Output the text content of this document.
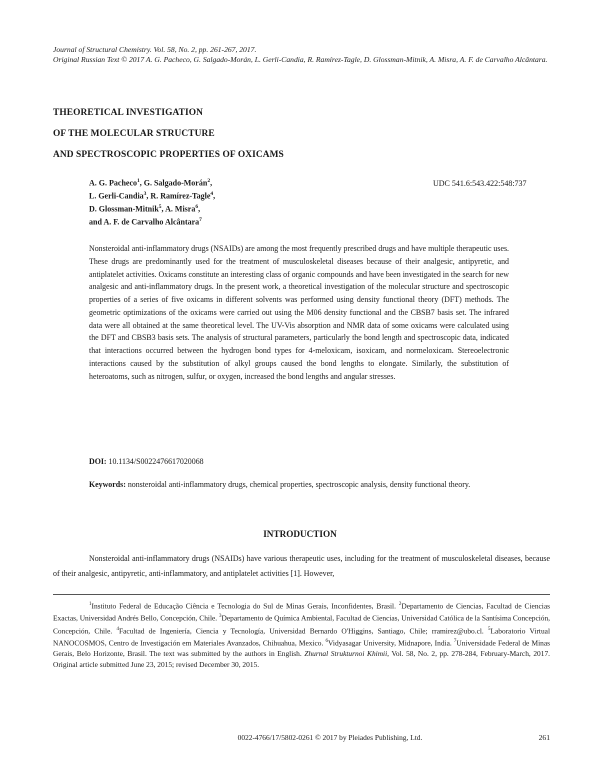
Journal of Structural Chemistry. Vol. 58, No. 2, pp. 261-267, 2017.
Original Russian Text © 2017 A. G. Pacheco, G. Salgado-Morán, L. Gerli-Candia, R. Ramírez-Tagle, D. Glossman-Mitnik, A. Misra, A. F. de Carvalho Alcântara.
THEORETICAL INVESTIGATION
OF THE MOLECULAR STRUCTURE
AND SPECTROSCOPIC PROPERTIES OF OXICAMS
A. G. Pacheco$^1$, G. Salgado-Morán$^2$,
L. Gerli-Candia$^3$, R. Ramírez-Tagle$^4$,
D. Glossman-Mitnik$^5$, A. Misra$^6$,
and A. F. de Carvalho Alcântara$^7$
UDC 541.6:543.422:548:737
Nonsteroidal anti-inflammatory drugs (NSAIDs) are among the most frequently prescribed drugs and have multiple therapeutic uses. These drugs are predominantly used for the treatment of musculoskeletal diseases because of their analgesic, antipyretic, and antiplatelet activities. Oxicams constitute an interesting class of organic compounds and have been investigated in the search for new analgesic and anti-inflammatory drugs. In the present work, a theoretical investigation of the molecular structure and spectroscopic properties of a series of five oxicams in different solvents was performed using density functional theory (DFT) methods. The geometric optimizations of the oxicams were carried out using the M06 density functional and the CBSB7 basis set. The infrared data were all obtained at the same theoretical level. The UV-Vis absorption and NMR data of some oxicams were calculated using the DFT and CBSB3 basis sets. The analysis of structural parameters, particularly the bond length and spectroscopic data, indicated that interactions occurred between the hydrogen bond types for 4-meloxicam, isoxicam, and normeloxicam. Stereoelectronic interactions caused by the substitution of alkyl groups caused the bond lengths to elongate. Similarly, the substitution of heteroatoms, such as nitrogen, sulfur, or oxygen, increased the bond lengths and angular stresses.
DOI: 10.1134/S0022476617020068
Keywords: nonsteroidal anti-inflammatory drugs, chemical properties, spectroscopic analysis, density functional theory.
INTRODUCTION
Nonsteroidal anti-inflammatory drugs (NSAIDs) have various therapeutic uses, including for the treatment of musculoskeletal diseases, because of their analgesic, antipyretic, anti-inflammatory, and antiplatelet activities [1]. However,
$^1$Instituto Federal de Educação Ciência e Tecnologia do Sul de Minas Gerais, Inconfidentes, Brasil. $^2$Departamento de Ciencias, Facultad de Ciencias Exactas, Universidad Andrés Bello, Concepción, Chile. $^3$Departamento de Química Ambiental, Facultad de Ciencias, Universidad Católica de la Santísima Concepción, Concepción, Chile. $^4$Facultad de Ingeniería, Ciencia y Tecnología, Universidad Bernardo O'Higgins, Santiago, Chile; rramirez@ubo.cl. $^5$Laboratorio Virtual NANOCOSMOS, Centro de Investigación em Materiales Avanzados, Chihuahua, Mexico. $^6$Vidyasagar University, Midnapore, India. $^7$Universidade Federal de Minas Gerais, Belo Horizonte, Brasil. The text was submitted by the authors in English. Zhurnal Strukturnoi Khimii, Vol. 58, No. 2, pp. 278-284, February-March, 2017. Original article submitted June 23, 2015; revised December 30, 2015.
0022-4766/17/5802-0261 © 2017 by Pleiades Publishing, Ltd.	261
